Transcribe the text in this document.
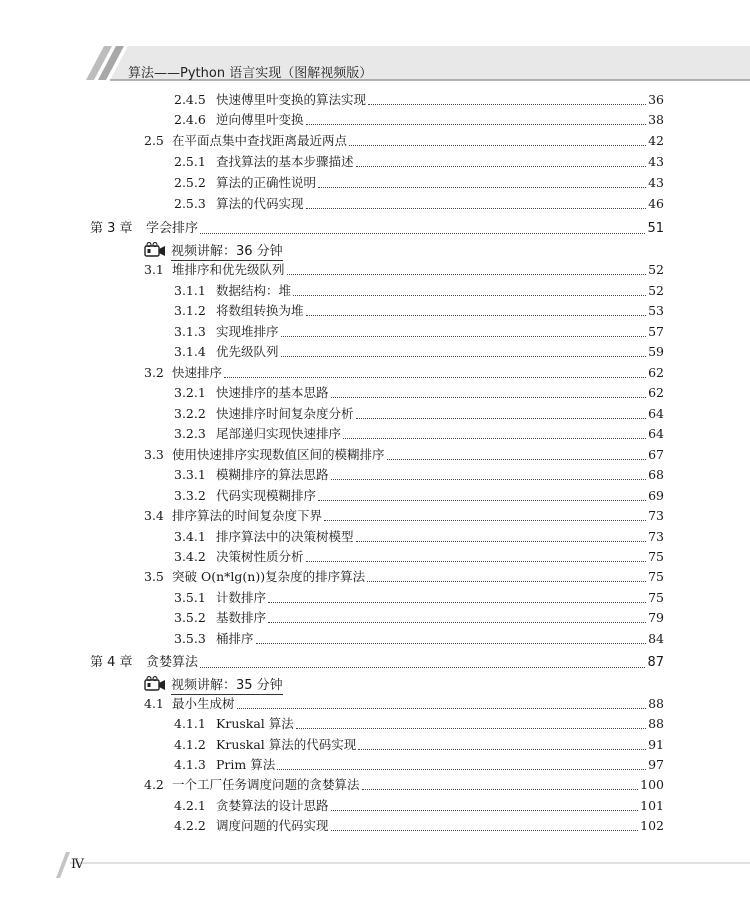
算法——Python 语言实现（图解视频版）
2.4.5 快速傅里叶变换的算法实现	36
2.4.6 逆向傅里叶变换	38
2.5 在平面点集中查找距离最近两点	42
2.5.1 查找算法的基本步骤描述	43
2.5.2 算法的正确性说明	43
2.5.3 算法的代码实现	46
第 3 章	学会排序	51
视频讲解：36 分钟
3.1 堆排序和优先级队列	52
3.1.1 数据结构：堆	52
3.1.2 将数组转换为堆	53
3.1.3 实现堆排序	57
3.1.4 优先级队列	59
3.2 快速排序	62
3.2.1 快速排序的基本思路	62
3.2.2 快速排序时间复杂度分析	64
3.2.3 尾部递归实现快速排序	64
3.3 使用快速排序实现数值区间的模糊排序	67
3.3.1 模糊排序的算法思路	68
3.3.2 代码实现模糊排序	69
3.4 排序算法的时间复杂度下界	73
3.4.1 排序算法中的决策树模型	73
3.4.2 决策树性质分析	75
3.5 突破 O(n*lg(n))复杂度的排序算法	75
3.5.1 计数排序	75
3.5.2 基数排序	79
3.5.3 桶排序	84
第 4 章	贪婪算法	87
视频讲解：35 分钟
4.1 最小生成树	88
4.1.1 Kruskal 算法	88
4.1.2 Kruskal 算法的代码实现	91
4.1.3 Prim 算法	97
4.2 一个工厂任务调度问题的贪婪算法	100
4.2.1 贪婪算法的设计思路	101
4.2.2 调度问题的代码实现	102
Ⅳ
